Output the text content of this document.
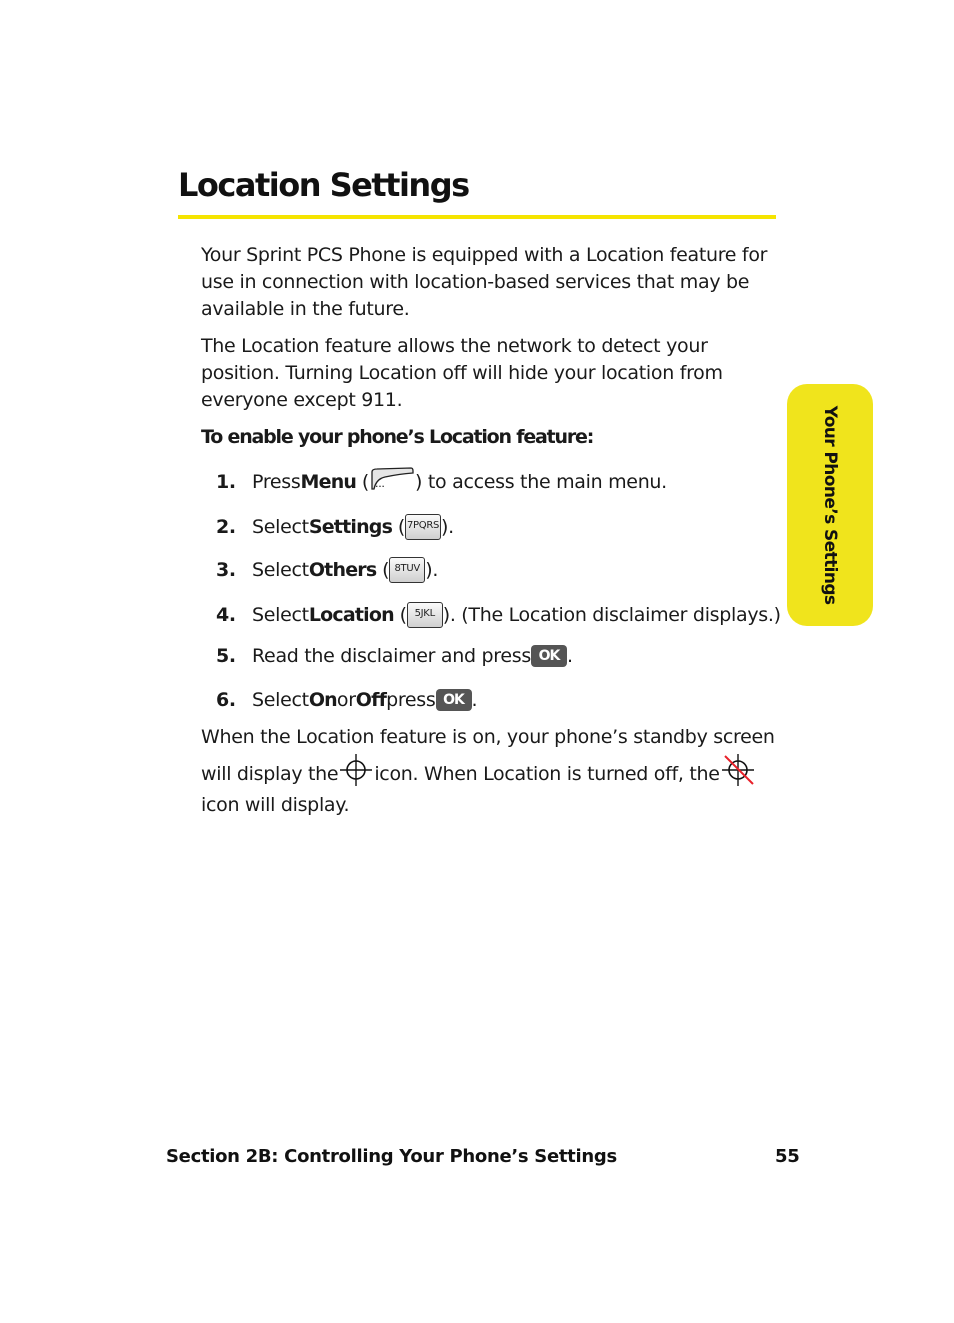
Location Settings

Your Sprint PCS Phone is equipped with a Location feature for use in connection with location-based services that may be available in the future.

The Location feature allows the network to detect your position. Turning Location off will hide your location from everyone except 911.

To enable your phone’s Location feature:

1. Press Menu ( ... ) to access the main menu.
2. Select Settings ( 7PQRS ).
3. Select Others ( 8TUV ).
4. Select Location ( 5JKL ). (The Location disclaimer displays.)
5. Read the disclaimer and press OK .
6. Select On or Off press OK .
When the Location feature is on, your phone’s standby screen
will display the icon. When Location is turned off, the
icon will display.
Your Phone’s Settings

Section 2B: Controlling Your Phone’s Settings	55
